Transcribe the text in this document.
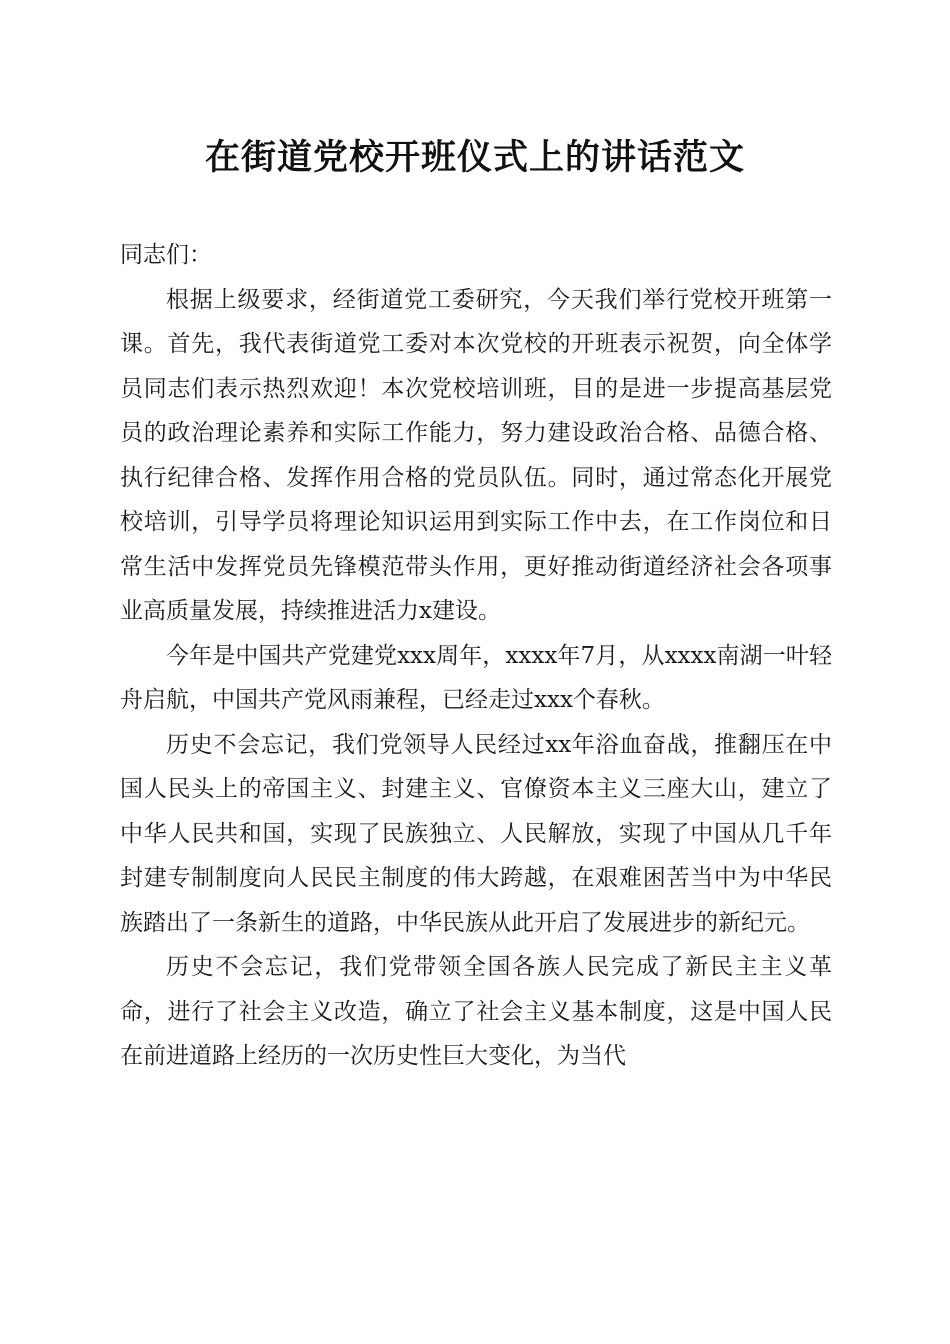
在街道党校开班仪式上的讲话范文

同志们：

根据上级要求，经街道党工委研究，今天我们举行党校开班第一课。首先，我代表街道党工委对本次党校的开班表示祝贺，向全体学员同志们表示热烈欢迎！本次党校培训班，目的是进一步提高基层党员的政治理论素养和实际工作能力，努力建设政治合格、品德合格、执行纪律合格、发挥作用合格的党员队伍。同时，通过常态化开展党校培训，引导学员将理论知识运用到实际工作中去，在工作岗位和日常生活中发挥党员先锋模范带头作用，更好推动街道经济社会各项事业高质量发展，持续推进活力x建设。

今年是中国共产党建党xxx周年，xxxx年7月，从xxxx南湖一叶轻舟启航，中国共产党风雨兼程，已经走过xxx个春秋。

历史不会忘记，我们党领导人民经过xx年浴血奋战，推翻压在中国人民头上的帝国主义、封建主义、官僚资本主义三座大山，建立了中华人民共和国，实现了民族独立、人民解放，实现了中国从几千年封建专制制度向人民民主制度的伟大跨越，在艰难困苦当中为中华民族踏出了一条新生的道路，中华民族从此开启了发展进步的新纪元。

历史不会忘记，我们党带领全国各族人民完成了新民主主义革命，进行了社会主义改造，确立了社会主义基本制度，这是中国人民在前进道路上经历的一次历史性巨大变化，为当代
